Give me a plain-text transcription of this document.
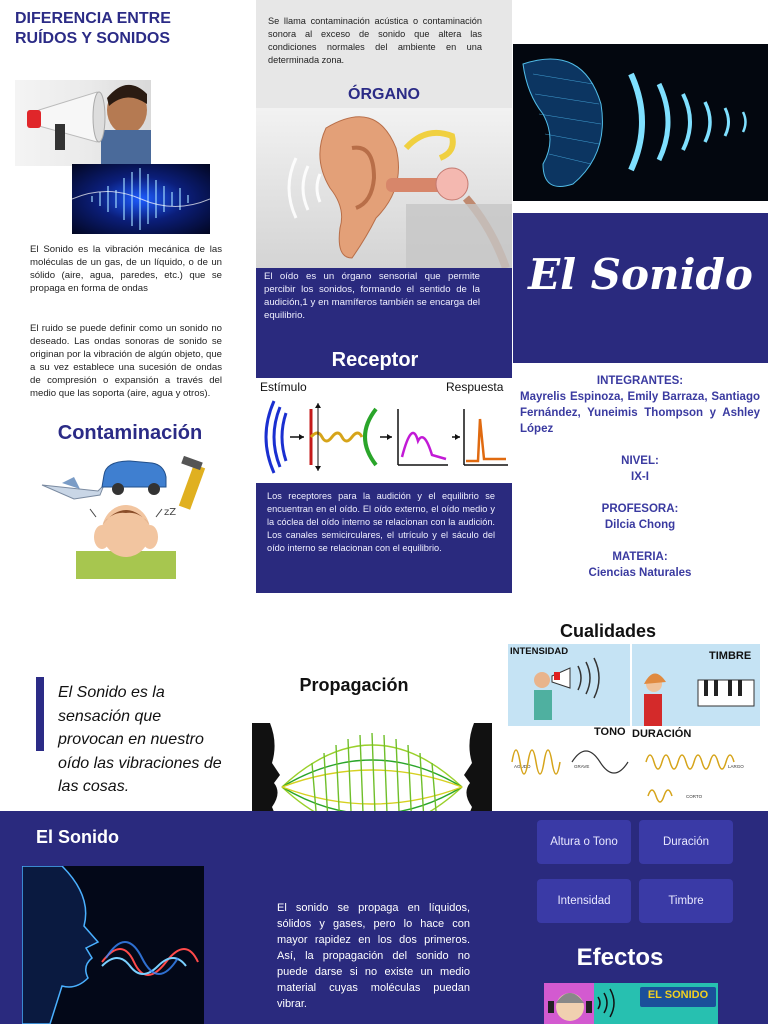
DIFERENCIA ENTRE RUÍDOS Y SONIDOS
El Sonido es la vibración mecánica de las moléculas de un gas, de un líquido, o de un sólido (aire, agua, paredes, etc.) que se propaga en forma de ondas
El ruido se puede definir como un sonido no deseado. Las ondas sonoras de sonido se originan por la vibración de algún objeto, que a su vez establece una sucesión de ondas de compresión o expansión a través del medio que las soporta (aire, agua y otros).
Contaminación
zZ
Se llama contaminación acústica o contaminación sonora al exceso de sonido que altera las condiciones normales del ambiente en una determinada zona.
ÓRGANO
El oído es un órgano sensorial que permite percibir los sonidos, formando el sentido de la audición,1 y en mamíferos también se encarga del equilibrio.
Receptor
Estímulo	Respuesta
Los receptores para la audición y el equilibrio se encuentran en el oído. El oído externo, el oído medio y la cóclea del oído interno se relacionan con la audición. Los canales semicirculares, el utrículo y el sáculo del oído interno se relacionan con el equilibrio.
El Sonido
INTEGRANTES:
Mayrelis Espinoza, Emily Barraza, Santiago Fernández, Yuneimis Thompson y Ashley López
NIVEL:
IX-I
PROFESORA:
Dilcia Chong
MATERIA:
Ciencias Naturales
El Sonido es la sensación que provocan en nuestro oído las vibraciones de las cosas.
Propagación
Cualidades
INTENSIDAD	TIMBRE
TONO DURACIÓN
AGUDO	GRAVE	LARGO
CORTO
El Sonido
El sonido se propaga en líquidos, sólidos y gases, pero lo hace con mayor rapidez en los dos primeros. Así, la propagación del sonido no puede darse si no existe un medio material cuyas moléculas puedan vibrar.
Altura o Tono	Duración
Intensidad	Timbre
Efectos
EL SONIDO
